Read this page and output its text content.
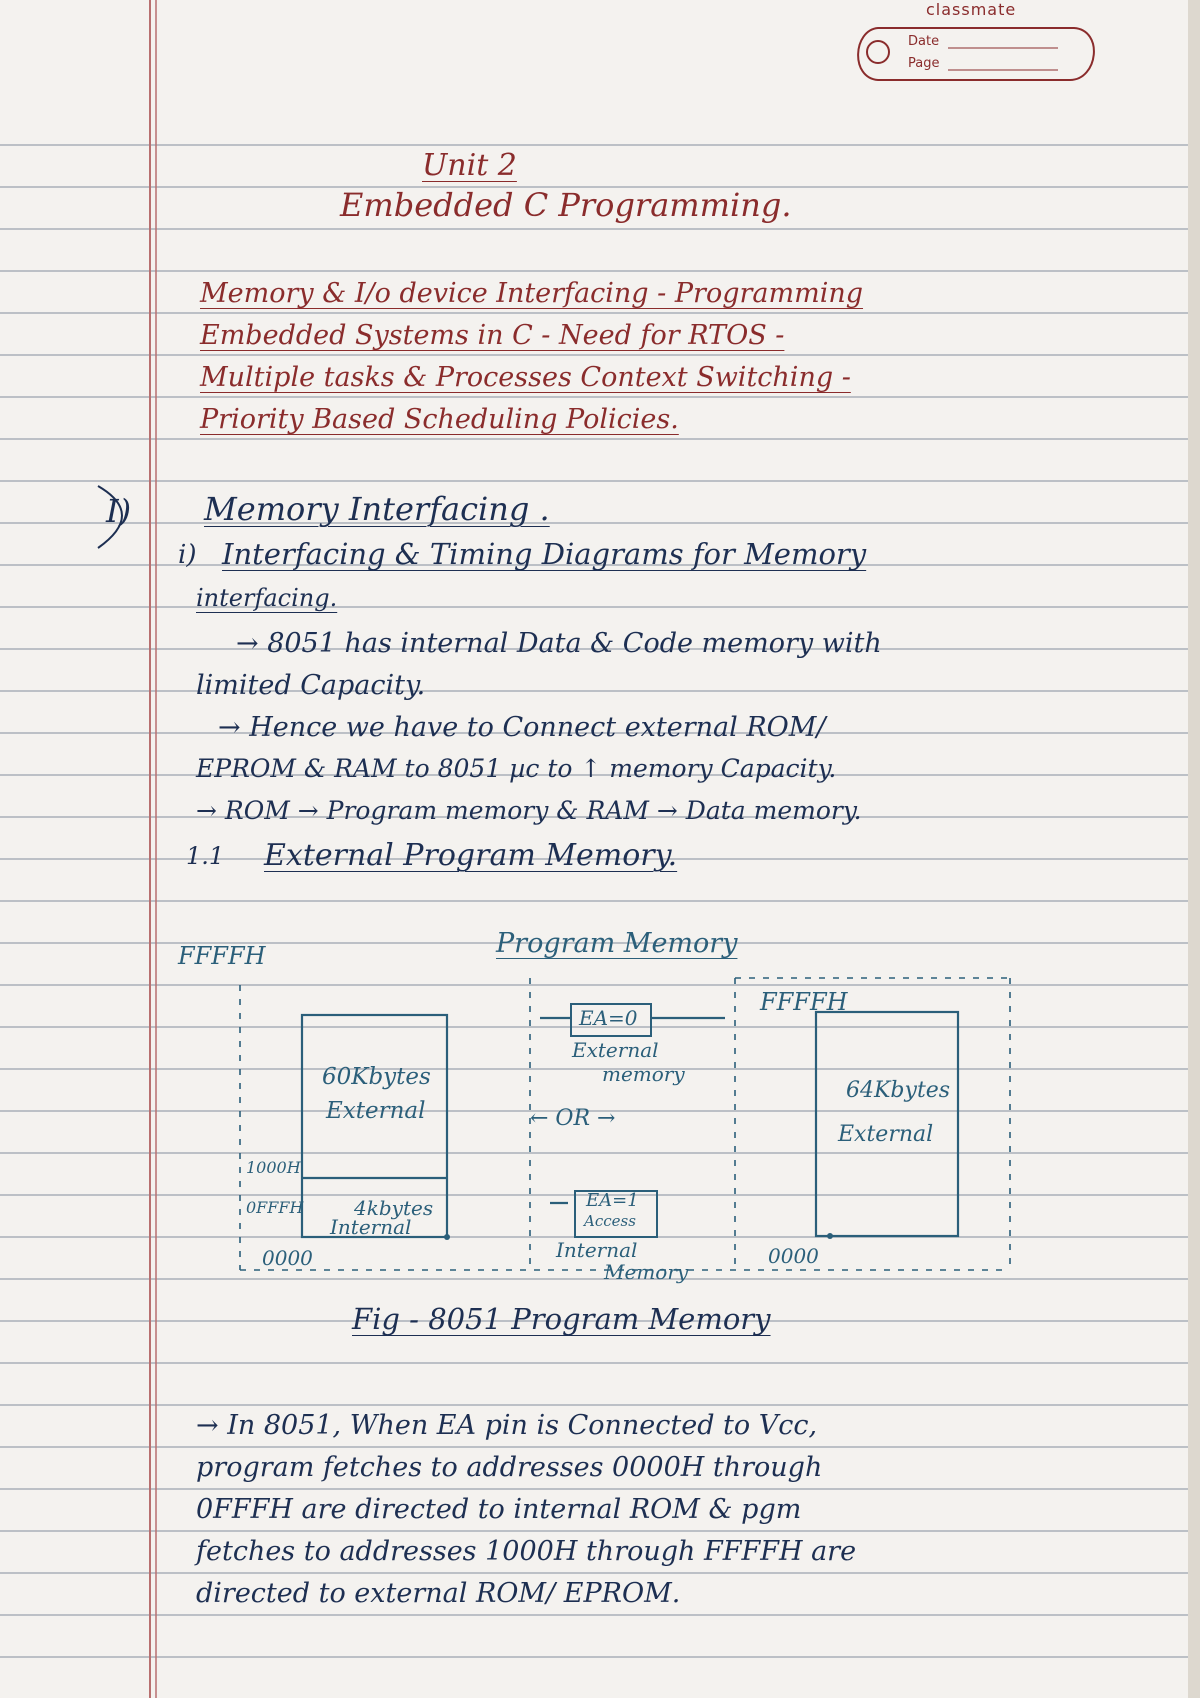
classmate
Date
Page
Unit 2
Embedded C Programming.
Memory & I/o device Interfacing - Programming
Embedded Systems in C - Need for RTOS -
Multiple tasks & Processes Context Switching -
Priority Based Scheduling Policies.
I) Memory Interfacing .
i) Interfacing & Timing Diagrams for Memory
interfacing.
→ 8051 has internal Data & Code memory with
limited Capacity.
→ Hence we have to Connect external ROM/
EPROM & RAM to 8051 µc to ↑ memory Capacity.
→ ROM → Program memory & RAM → Data memory.
1.1 External Program Memory.
Program Memory
FFFFH
60Kbytes
External
1000H
0FFFH	4kbytes
Internal
0000
EA=0
External
memory
← OR →
EA=1
Access
Internal
Memory
FFFFH
64Kbytes
External
0000
Fig - 8051 Program Memory
→ In 8051, When EA pin is Connected to Vcc,
program fetches to addresses 0000H through
0FFFH are directed to internal ROM & pgm
fetches to addresses 1000H through FFFFH are
directed to external ROM/ EPROM.
